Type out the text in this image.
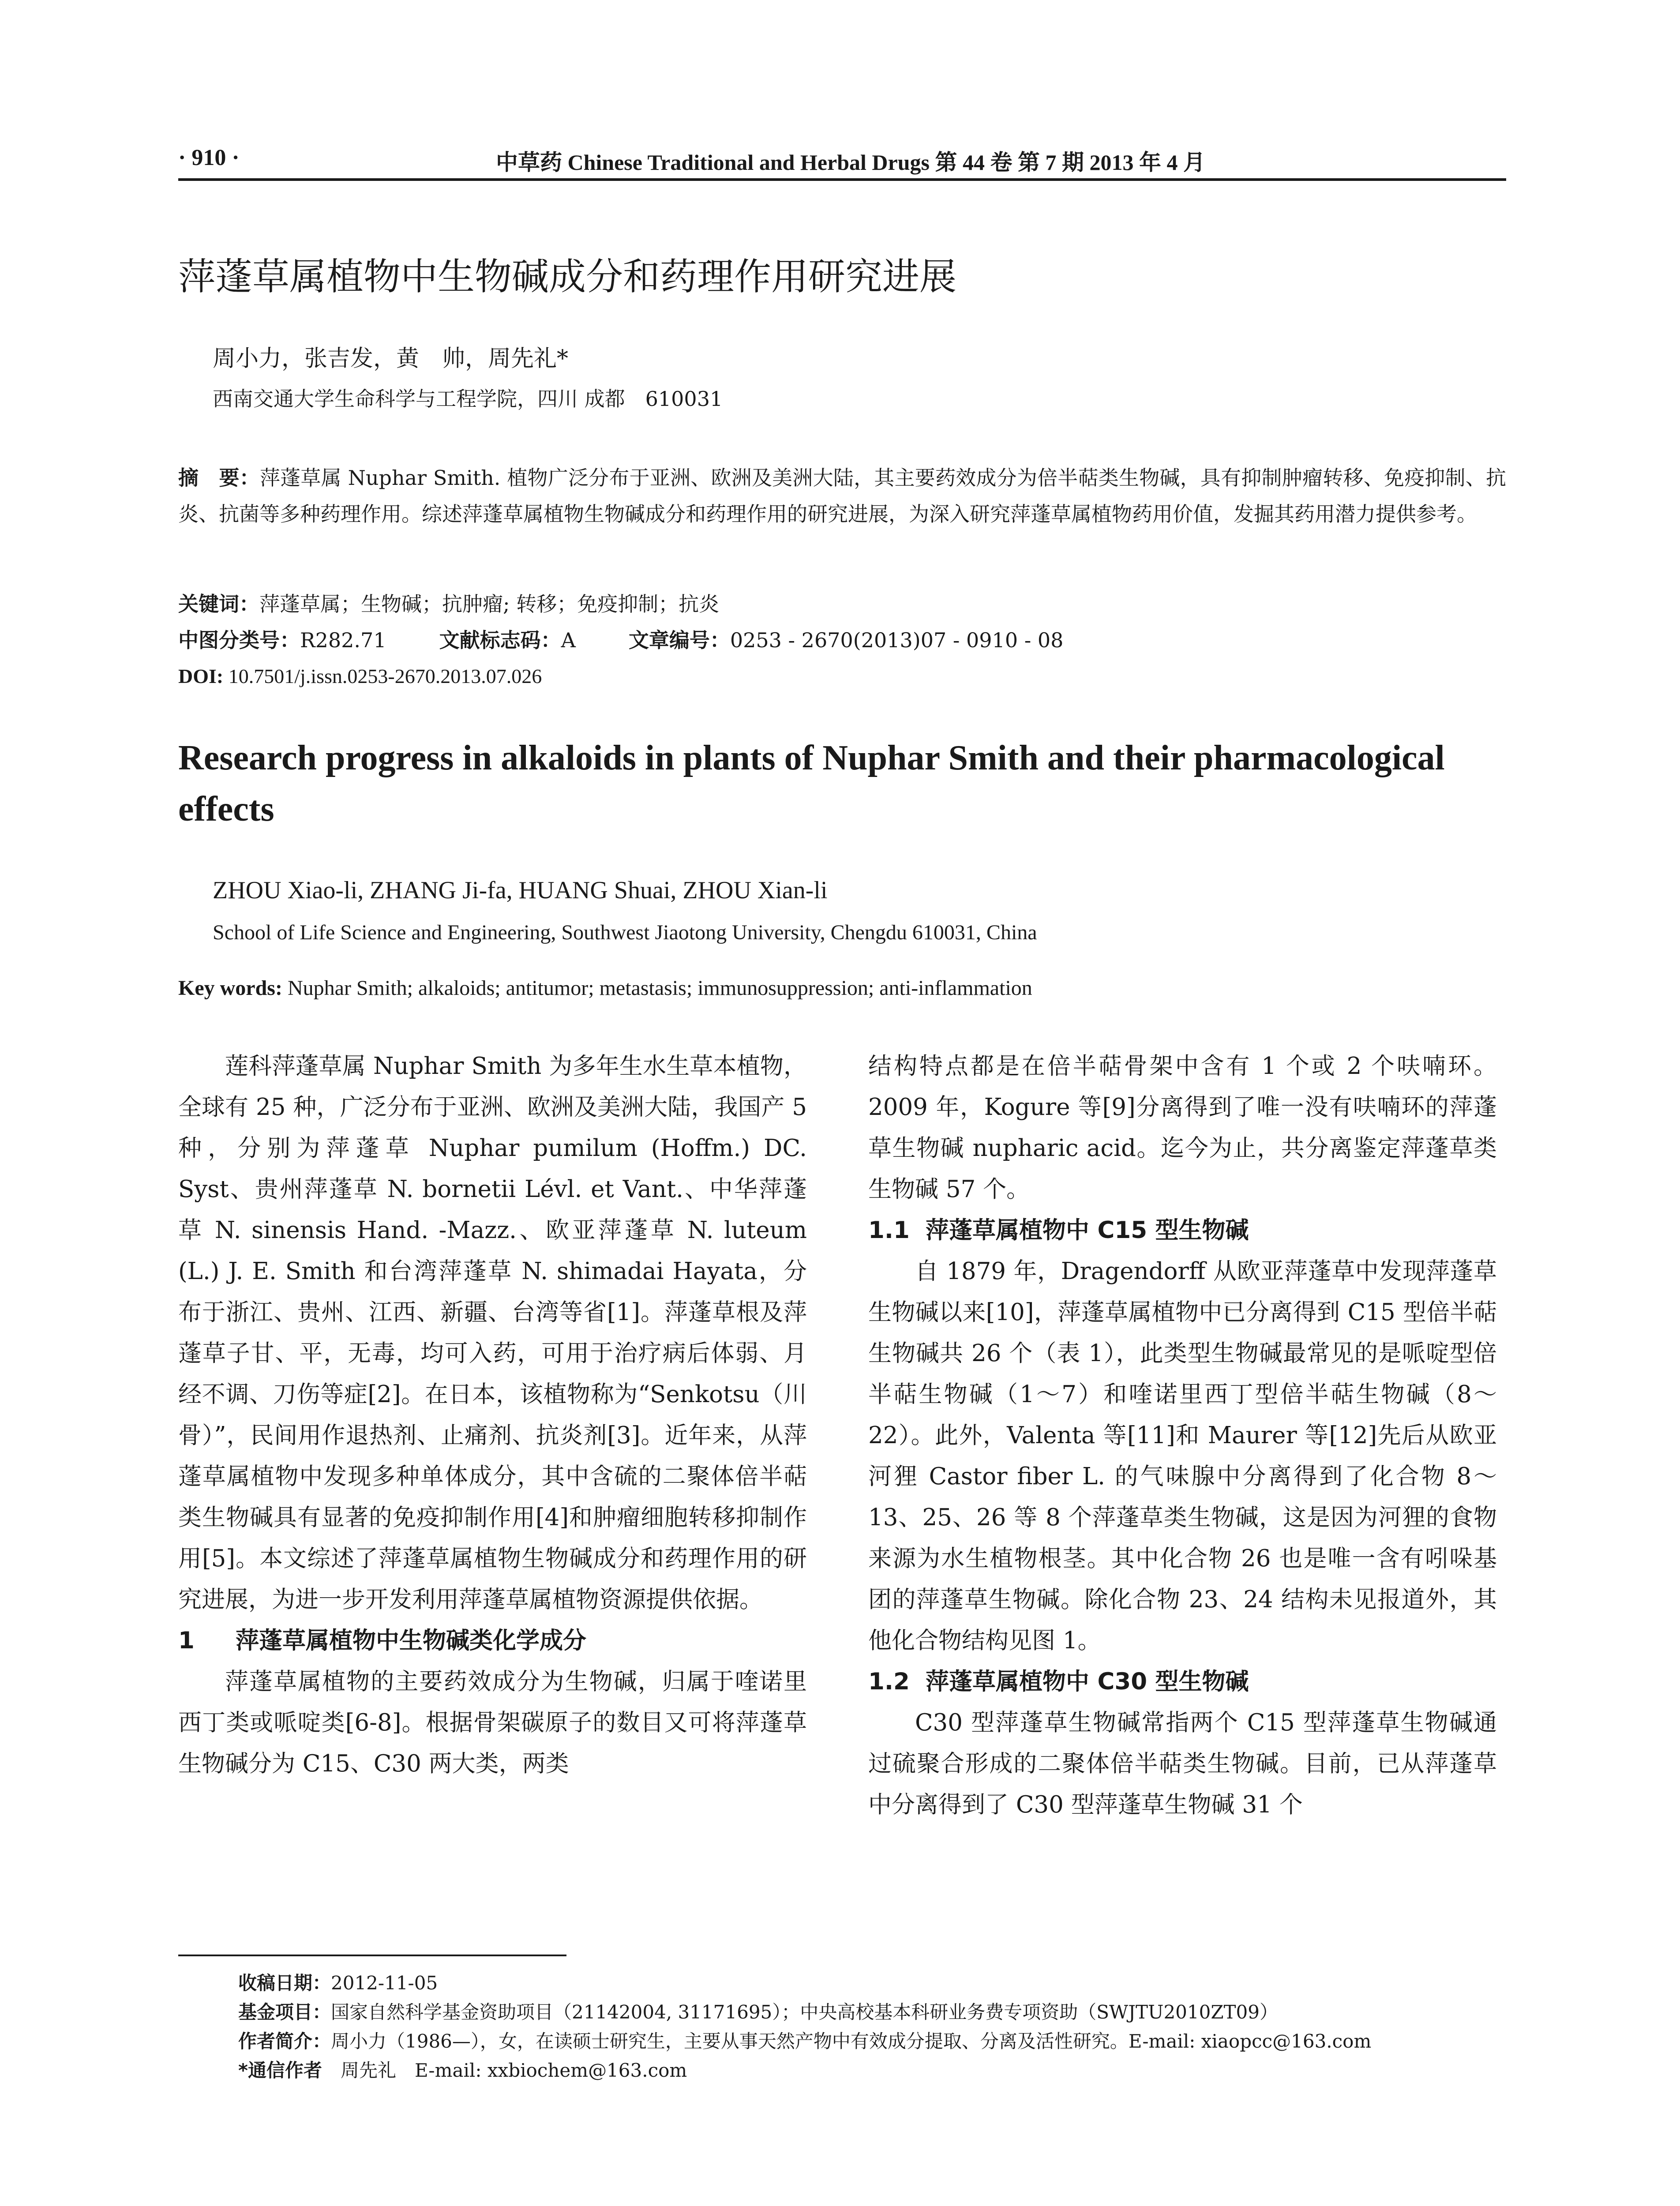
· 910 ·	中草药 Chinese Traditional and Herbal Drugs 第 44 卷 第 7 期 2013 年 4 月
萍蓬草属植物中生物碱成分和药理作用研究进展
周小力，张吉发，黄　帅，周先礼*
西南交通大学生命科学与工程学院，四川 成都　610031
摘　要：萍蓬草属 Nuphar Smith. 植物广泛分布于亚洲、欧洲及美洲大陆，其主要药效成分为倍半萜类生物碱，具有抑制肿瘤转移、免疫抑制、抗炎、抗菌等多种药理作用。综述萍蓬草属植物生物碱成分和药理作用的研究进展，为深入研究萍蓬草属植物药用价值，发掘其药用潜力提供参考。
关键词：萍蓬草属；生物碱；抗肿瘤; 转移；免疫抑制；抗炎
中图分类号：R282.71	文献标志码：A	文章编号：0253 - 2670(2013)07 - 0910 - 08
DOI: 10.7501/j.issn.0253-2670.2013.07.026
Research progress in alkaloids in plants of Nuphar Smith and their pharmacological effects
ZHOU Xiao-li, ZHANG Ji-fa, HUANG Shuai, ZHOU Xian-li
School of Life Science and Engineering, Southwest Jiaotong University, Chengdu 610031, China
Key words: Nuphar Smith; alkaloids; antitumor; metastasis; immunosuppression; anti-inflammation

莲科萍蓬草属 Nuphar Smith 为多年生水生草本植物，全球有 25 种，广泛分布于亚洲、欧洲及美洲大陆，我国产 5 种，分别为萍蓬草 Nuphar pumilum (Hoffm.) DC. Syst、贵州萍蓬草 N. bornetii Lévl. et Vant.、中华萍蓬草 N. sinensis Hand. -Mazz.、欧亚萍蓬草 N. luteum (L.) J. E. Smith 和台湾萍蓬草 N. shimadai Hayata，分布于浙江、贵州、江西、新疆、台湾等省[1]。萍蓬草根及萍蓬草子甘、平，无毒，均可入药，可用于治疗病后体弱、月经不调、刀伤等症[2]。在日本，该植物称为“Senkotsu（川骨）”，民间用作退热剂、止痛剂、抗炎剂[3]。近年来，从萍蓬草属植物中发现多种单体成分，其中含硫的二聚体倍半萜类生物碱具有显著的免疫抑制作用[4]和肿瘤细胞转移抑制作用[5]。本文综述了萍蓬草属植物生物碱成分和药理作用的研究进展，为进一步开发利用萍蓬草属植物资源提供依据。

1 萍蓬草属植物中生物碱类化学成分

萍蓬草属植物的主要药效成分为生物碱，归属于喹诺里西丁类或哌啶类[6-8]。根据骨架碳原子的数目又可将萍蓬草生物碱分为 C15、C30 两大类，两类

结构特点都是在倍半萜骨架中含有 1 个或 2 个呋喃环。2009 年，Kogure 等[9]分离得到了唯一没有呋喃环的萍蓬草生物碱 nupharic acid。迄今为止，共分离鉴定萍蓬草类生物碱 57 个。

1.1 萍蓬草属植物中 C15 型生物碱

自 1879 年，Dragendorff 从欧亚萍蓬草中发现萍蓬草生物碱以来[10]，萍蓬草属植物中已分离得到 C15 型倍半萜生物碱共 26 个（表 1），此类型生物碱最常见的是哌啶型倍半萜生物碱（1～7）和喹诺里西丁型倍半萜生物碱（8～22）。此外，Valenta 等[11]和 Maurer 等[12]先后从欧亚河狸 Castor fiber L. 的气味腺中分离得到了化合物 8～13、25、26 等 8 个萍蓬草类生物碱，这是因为河狸的食物来源为水生植物根茎。其中化合物 26 也是唯一含有吲哚基团的萍蓬草生物碱。除化合物 23、24 结构未见报道外，其他化合物结构见图 1。

1.2 萍蓬草属植物中 C30 型生物碱

C30 型萍蓬草生物碱常指两个 C15 型萍蓬草生物碱通过硫聚合形成的二聚体倍半萜类生物碱。目前，已从萍蓬草中分离得到了 C30 型萍蓬草生物碱 31 个

收稿日期：2012-11-05
基金项目：国家自然科学基金资助项目（21142004, 31171695）；中央高校基本科研业务费专项资助（SWJTU2010ZT09）
作者简介：周小力（1986—），女，在读硕士研究生，主要从事天然产物中有效成分提取、分离及活性研究。E-mail: xiaopcc@163.com
*通信作者　 周先礼　E-mail: xxbiochem@163.com
